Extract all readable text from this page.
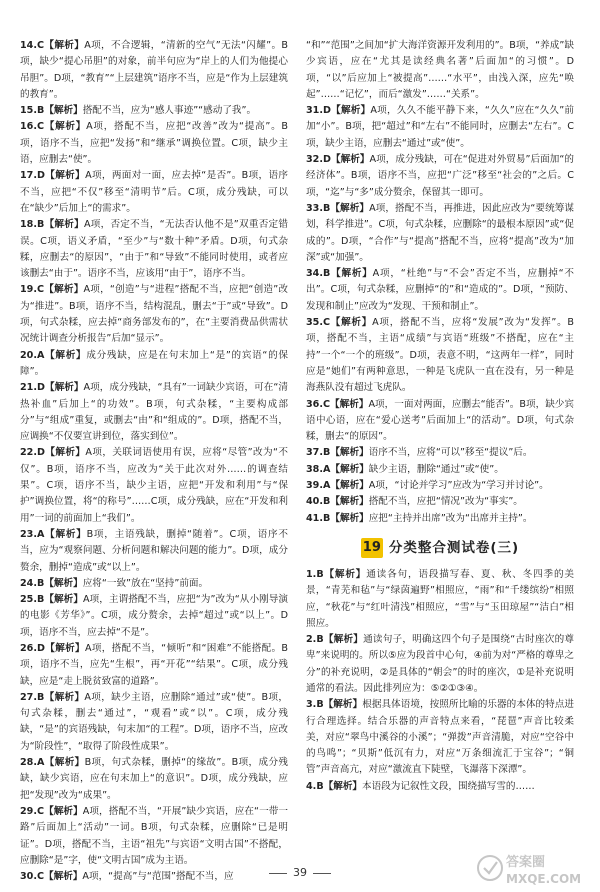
14.C【解析】A项，不合逻辑，“清新的空气”无法“闪耀”。B项，缺少“提心吊胆”的对象，前半句应为“岸上的人们为他提心吊胆”。D项，“教育”“上层建筑”语序不当，应是“作为上层建筑的教育”。

15.B【解析】搭配不当，应为“感人事迹”“感动了我”。

16.C【解析】A项，搭配不当，应把“改善”改为“提高”。B项，语序不当，应把“发扬”和“继承”调换位置。C项，缺少主语，应删去“使”。

17.D【解析】A项，两面对一面，应去掉“是否”。B项，语序不当，应把“不仅”移至“清明节”后。C项，成分残缺，可以在“缺少”后加上“的需求”。

18.B【解析】A项，否定不当，“无法否认他不是”双重否定错误。C项，语义矛盾，“至少”与“数十种”矛盾。D项，句式杂糅，应删去“的原因”，“由于”和“导致”不能同时使用，或者应该删去“由于”。语序不当，应该用“由于”，语序不当。

19.C【解析】A项，“创造”与“进程”搭配不当，应把“创造”改为“推进”。B项，语序不当，结构混乱，删去“于”或“导致”。D项，句式杂糅，应去掉“商务部发布的”，在“主要消费品供需状况统计调查分析报告”后加“显示”。

20.A【解析】成分残缺，应是在句末加上“是”的宾语“的保障”。

21.D【解析】A项，成分残缺，“具有”一词缺少宾语，可在“清热补血”后加上“的功效”。B项，句式杂糅，“主要构成部分”与“组成”重复，或删去“由”和“组成的”。D项，搭配不当，应调换“不仅要宣讲到位，落实到位”。

22.D【解析】A项，关联词语使用有误，应将“尽管”改为“不仅”。B项，语序不当，应改为“关于此次对外……的调查结果”。C项，语序不当，缺少主语，应把“开发和利用”与“保护”调换位置，将“的称号”……C项，成分残缺，应在“开发和利用”一词的前面加上“我们”。

23.A【解析】B项，主语残缺，删掉“随着”。C项，语序不当，应为“观察问题、分析问题和解决问题的能力”。D项，成分赘余，删掉“造成”或“以上”。

24.B【解析】应将“一致”放在“坚持”前面。

25.B【解析】A项，主谓搭配不当，应把“为”改为“从小刚导演的电影《芳华》”。C项，成分赘余，去掉“超过”或“以上”。D项，语序不当，应去掉“不是”。

26.D【解析】A项，搭配不当，“倾听”和“困难”不能搭配。B项，语序不当，应先“生根”，再“开花”“结果”。C项，成分残缺，应是“走上脱贫致富的道路”。

27.B【解析】A项，缺少主语，应删除“通过”或“使”。B项，句式杂糅，删去“通过”，“观看”或“以”。C项，成分残缺，“是”的宾语残缺，句末加“的工程”。D项，语序不当，应改为“阶段性”，“取得了阶段性成果”。

28.A【解析】B项，句式杂糅，删掉“的缘故”。B项，成分残缺，缺少宾语，应在句末加上“的意识”。D项，成分残缺，应把“发现”改为“成果”。

29.C【解析】A项，搭配不当，“开展”缺少宾语，应在“一带一路”后面加上“活动”一词。B项，句式杂糅，应删除“已是明证”。D项，搭配不当，主语“祖先”与宾语“文明古国”不搭配，应删除“是”字，使“文明古国”成为主语。

30.C【解析】A项，“提高”与“范围”搭配不当，应

“和”“范围”之间加“扩大海洋资源开发利用的”。B项，“养成”缺少宾语，应在“尤其是读经典名著”后面加“的习惯”。D项，“以”后应加上“被提高”……“水平”，由浅入深，应先“唤起”……“记忆”，而后“激发”……“关系”。

31.D【解析】A项，久久不能平静下来，“久久”应在“久久”前加“小”。B项，把“超过”和“左右”不能同时，应删去“左右”。C项，缺少主语，应删去“通过”或“使”。

32.D【解析】A项，成分残缺，可在“促进对外贸易”后面加“的经济体”。B项，语序不当，应把“广泛”移至“社会的”之后。C项，“迄”与“多”成分赘余，保留其一即可。

33.B【解析】A项，搭配不当，再推进，因此应改为“要统筹谋划，科学推进”。C项，句式杂糅，应删除“的最根本原因”或“促成的”。D项，“合作”与“提高”搭配不当，应将“提高”改为“加深”或“加强”。

34.B【解析】A项，“杜绝”与“不会”否定不当，应删掉“不出”。C项，句式杂糅，应删掉“的”和“造成的”。D项，“预防、发现和制止”应改为“发现、干预和制止”。

35.C【解析】A项，搭配不当，应将“发展”改为“发挥”。B项，搭配不当，主语“成绩”与宾语“班级”不搭配，应在“主持”一个“一个的班级”。D项，表意不明，“这两年一样”，同时应是“她们”有两种意思，一种是飞虎队一直在没有，另一种是海燕队没有超过飞虎队。

36.C【解析】A项，一面对两面，应删去“能否”。B项，缺少宾语中心语，应在“爱心送考”后面加上“的活动”。D项，句式杂糅，删去“的原因”。

37.B【解析】语序不当，应将“可以”移至“提议”后。

38.A【解析】缺少主语，删除“通过”或“使”。

39.A【解析】A项，“讨论并学习”应改为“学习并讨论”。

40.B【解析】搭配不当，应把“情况”改为“事实”。

41.B【解析】应把“主持并出席”改为“出席并主持”。

19 分类整合测试卷(三)

1.B【解析】通读各句，语段描写春、夏、秋、冬四季的美景，“青芜和毡”与“绿茵遍野”相照应，“雨”和“千缕缤纷”相照应，“秋花”与“红叶清浅”相照应，“雪”与“玉田琼屋”“洁白”相照应。

2.B【解析】通读句子，明确这四个句子是围绕“古时座次的尊卑”来说明的。所以⑤应为段首中心句，④前为对“严格的尊卑之分”的补充说明，②是具体的“朝会”的时的座次，①是补充说明通常的看法。因此排列应为：⑤②①③④。

3.B【解析】根据具体语境，按照所比喻的乐器的本体的特点进行合理选择。结合乐器的声音特点来看，“琵琶”声音比较柔美，对应“翠鸟中溪谷的小溪”；“弹拨”声音清脆，对应“空谷中的鸟鸣”；“贝斯”低沉有力，对应“万条细流汇于宝谷”；“铜管”声音高亢，对应“激流直下陡壁，飞瀑落下深潭”。

4.B【解析】本语段为记叙性文段，围绕描写雪的……

39
答案圈
MXQE.COM
